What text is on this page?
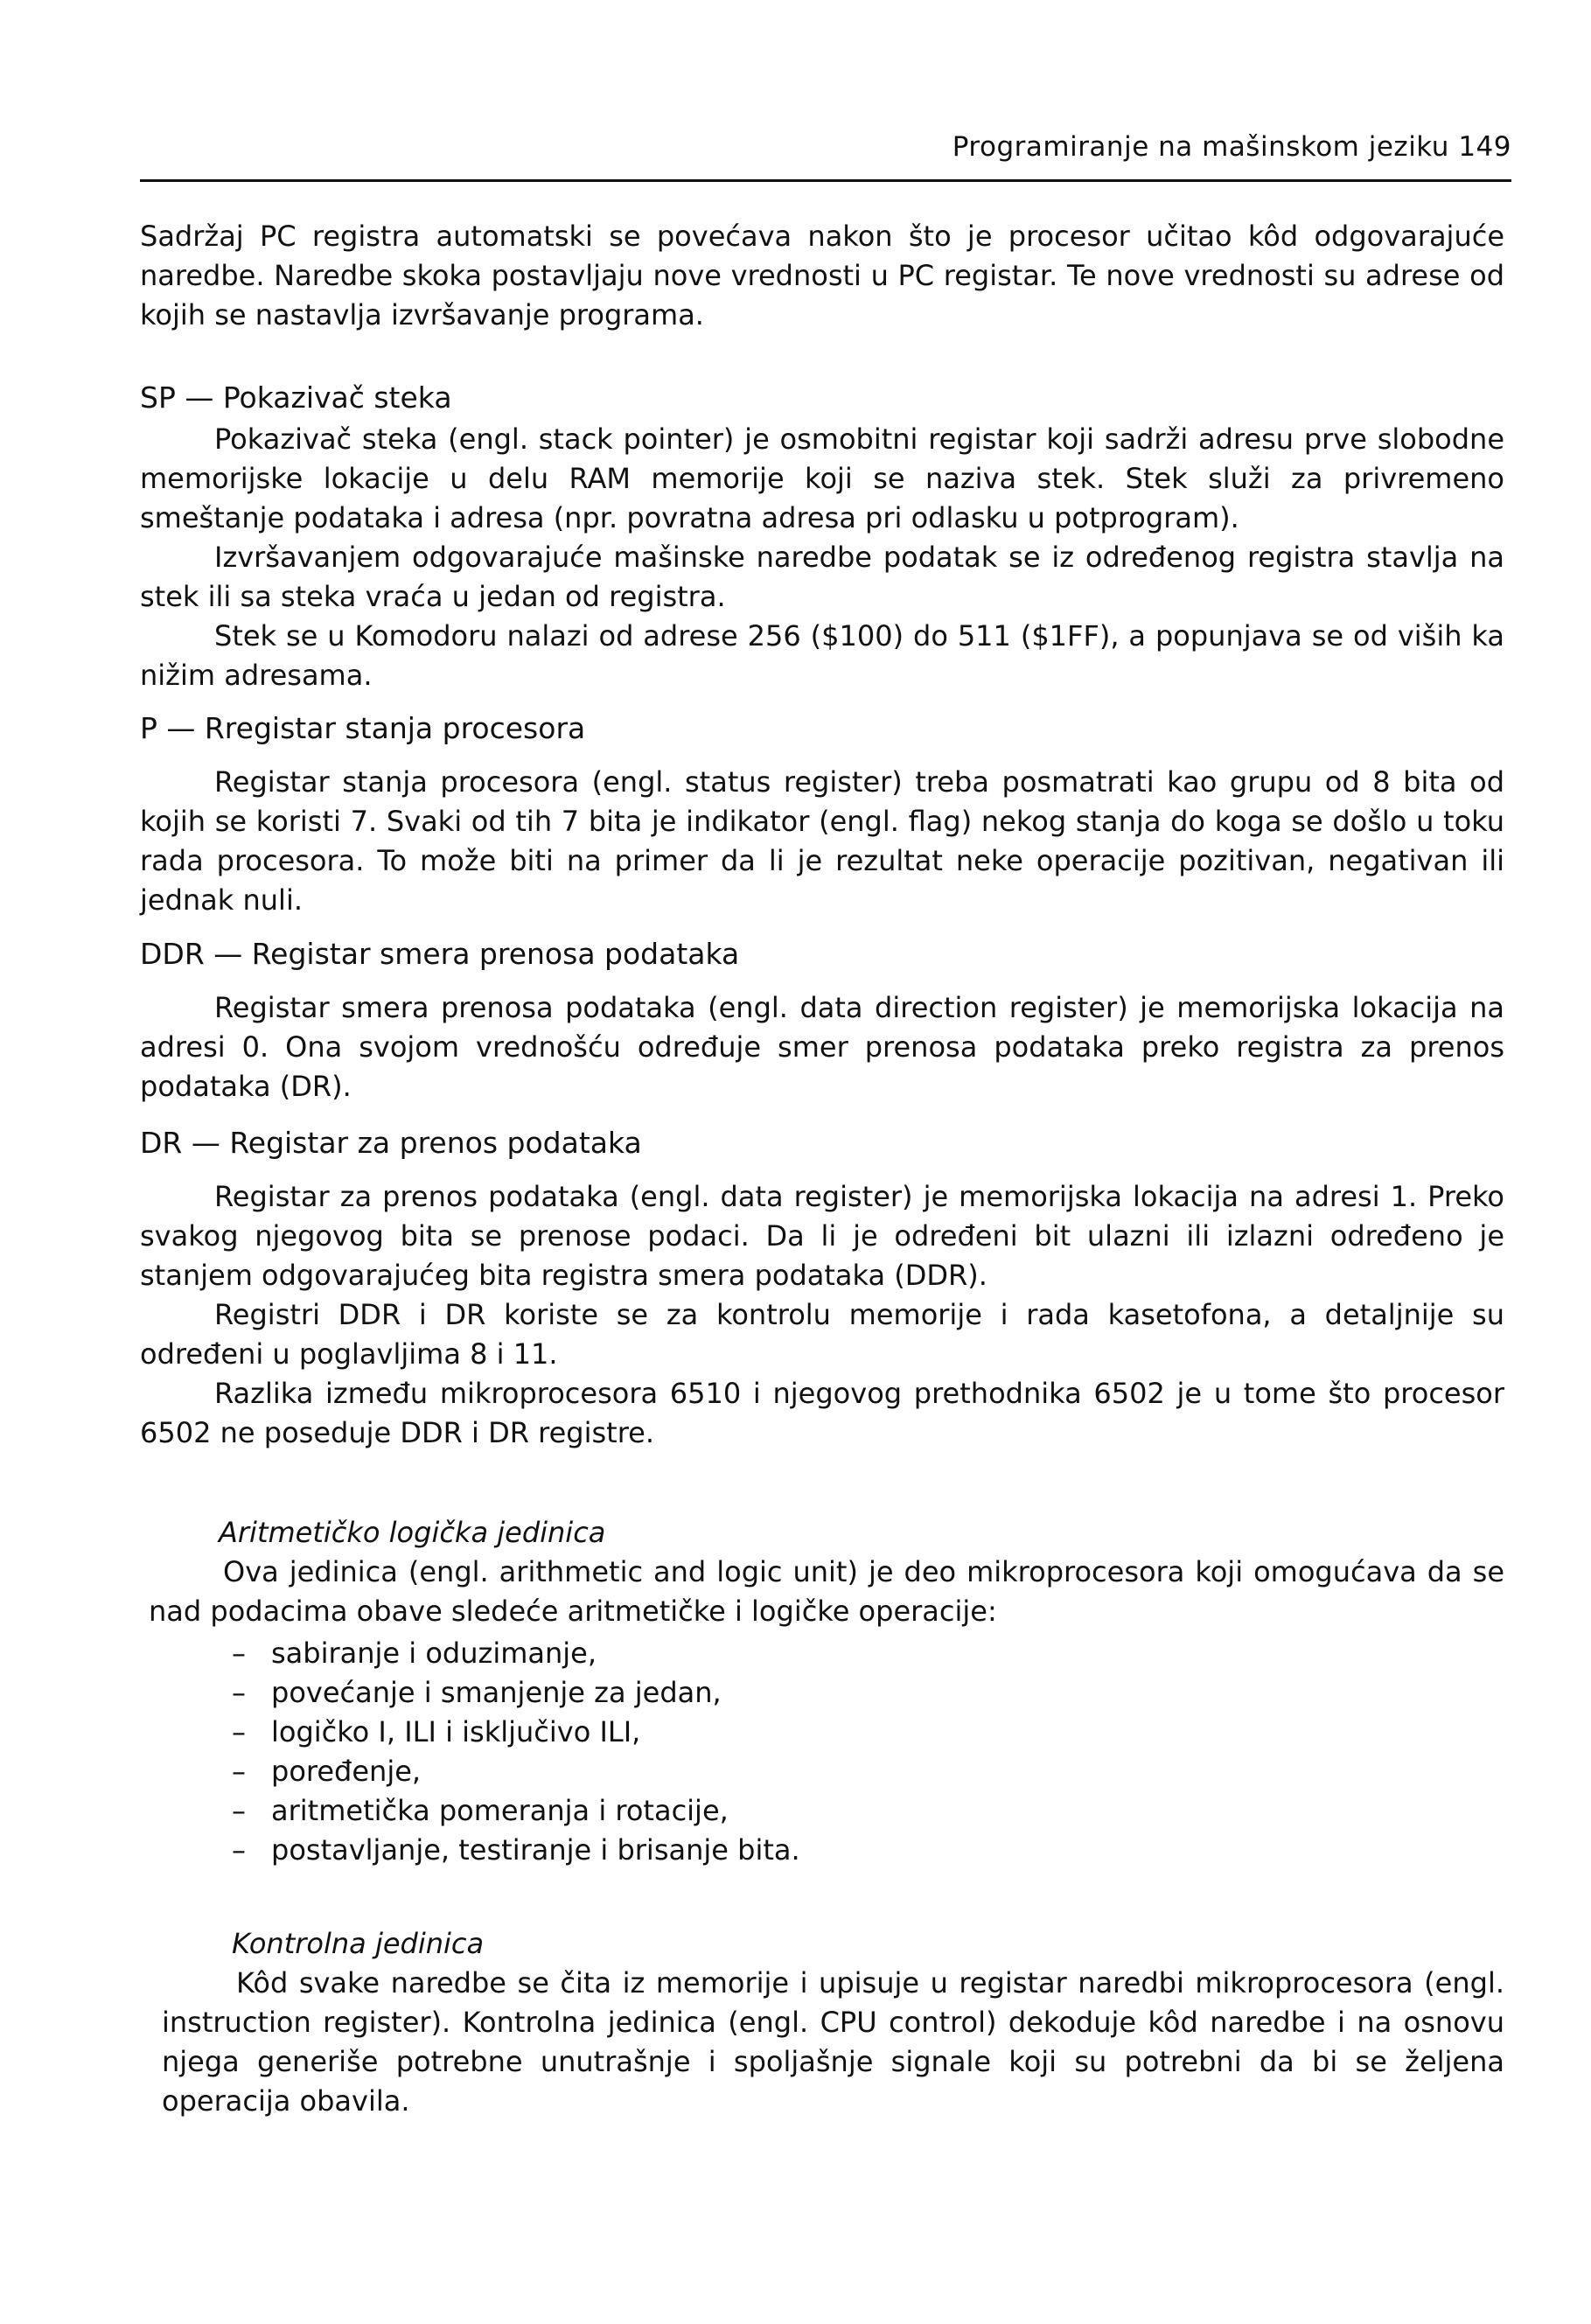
Programiranje na mašinskom jeziku 149

Sadržaj PC registra automatski se povećava nakon što je procesor učitao kôd odgovarajuće naredbe. Naredbe skoka postavljaju nove vrednosti u PC registar. Te nove vrednosti su adrese od kojih se nastavlja izvršavanje programa.

SP — Pokazivač steka

Pokazivač steka (engl. stack pointer) je osmobitni registar koji sadrži adresu prve slobodne memorijske lokacije u delu RAM memorije koji se naziva stek. Stek služi za privremeno smeštanje podataka i adresa (npr. povratna adresa pri odlasku u potprogram).

Izvršavanjem odgovarajuće mašinske naredbe podatak se iz određenog registra stavlja na stek ili sa steka vraća u jedan od registra.

Stek se u Komodoru nalazi od adrese 256 ($100) do 511 ($1FF), a popunjava se od viših ka nižim adresama.

P — Rregistar stanja procesora

Registar stanja procesora (engl. status register) treba posmatrati kao grupu od 8 bita od kojih se koristi 7. Svaki od tih 7 bita je indikator (engl. flag) nekog stanja do koga se došlo u toku rada procesora. To može biti na primer da li je rezultat neke operacije pozitivan, negativan ili jednak nuli.

DDR — Registar smera prenosa podataka

Registar smera prenosa podataka (engl. data direction register) je memorijska lokacija na adresi 0. Ona svojom vrednošću određuje smer prenosa podataka preko registra za prenos podataka (DR).

DR — Registar za prenos podataka

Registar za prenos podataka (engl. data register) je memorijska lokacija na adresi 1. Preko svakog njegovog bita se prenose podaci. Da li je određeni bit ulazni ili izlazni određeno je stanjem odgovarajućeg bita registra smera podataka (DDR).

Registri DDR i DR koriste se za kontrolu memorije i rada kasetofona, a detaljnije su određeni u poglavljima 8 i 11.

Razlika između mikroprocesora 6510 i njegovog prethodnika 6502 je u tome što procesor 6502 ne poseduje DDR i DR registre.

Aritmetičko logička jedinica

Ova jedinica (engl. arithmetic and logic unit) je deo mikroprocesora koji omogućava da se nad podacima obave sledeće aritmetičke i logičke operacije:

– sabiranje i oduzimanje,
– povećanje i smanjenje za jedan,
– logičko I, ILI i isključivo ILI,
– poređenje,
– aritmetička pomeranja i rotacije,
– postavljanje, testiranje i brisanje bita.
Kontrolna jedinica

Kôd svake naredbe se čita iz memorije i upisuje u registar naredbi mikroprocesora (engl. instruction register). Kontrolna jedinica (engl. CPU control) dekoduje kôd naredbe i na osnovu njega generiše potrebne unutrašnje i spoljašnje signale koji su potrebni da bi se željena operacija obavila.
